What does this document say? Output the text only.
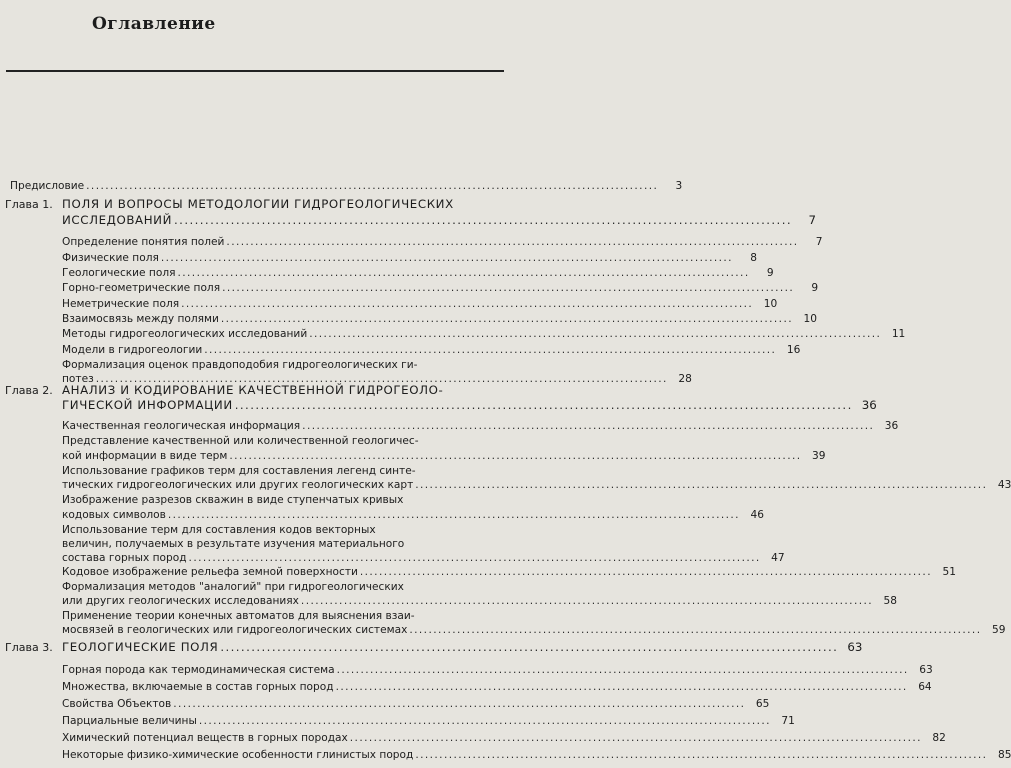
Оглавление
Предисловие ........................................................................................................................	3
Глава 1. ПОЛЯ И ВОПРОСЫ МЕТОДОЛОГИИ ГИДРОГЕОЛОГИЧЕСКИХ
ИССЛЕДОВАНИЙ ........................................................................................................................	7
Определение понятия полей ........................................................................................................................	7
Физические поля ........................................................................................................................	8
Геологические поля ........................................................................................................................	9
Горно-геометрические поля ........................................................................................................................	9
Неметрические поля ........................................................................................................................ 10
Взаимосвязь между полями ........................................................................................................................ 10
Методы гидрогеологических исследований ........................................................................................................................ 11
Модели в гидрогеологии ........................................................................................................................ 16
Формализация оценок правдоподобия гидрогеологических ги-
потез ........................................................................................................................ 28
Глава 2. АНАЛИЗ И КОДИРОВАНИЕ КАЧЕСТВЕННОЙ ГИДРОГЕОЛО-
ГИЧЕСКОЙ ИНФОРМАЦИИ ........................................................................................................................ 36
Качественная геологическая информация ........................................................................................................................ 36
Представление качественной или количественной геологичес-
кой информации в виде терм ........................................................................................................................ 39
Использование графиков терм для составления легенд синте-
тических гидрогеологических или других геологических карт ........................................................................................................................ 43
Изображение разрезов скважин в виде ступенчатых кривых
кодовых символов ........................................................................................................................ 46
Использование терм для составления кодов векторных
величин, получаемых в результате изучения материального
состава горных пород ........................................................................................................................ 47
Кодовое изображение рельефа земной поверхности ........................................................................................................................ 51
Формализация методов "аналогий" при гидрогеологических
или других геологических исследованиях ........................................................................................................................ 58
Применение теории конечных автоматов для выяснения взаи-
мосвязей в геологических или гидрогеологических системах ........................................................................................................................ 59
Глава 3. ГЕОЛОГИЧЕСКИЕ ПОЛЯ ........................................................................................................................ 63
Горная порода как термодинамическая система ........................................................................................................................ 63
Множества, включаемые в состав горных пород ........................................................................................................................ 64
Свойства Объектов ........................................................................................................................ 65
Парциальные величины ........................................................................................................................ 71
Химический потенциал веществ в горных породах ........................................................................................................................ 82
Некоторые физико-химические особенности глинистых пород ........................................................................................................................ 85
